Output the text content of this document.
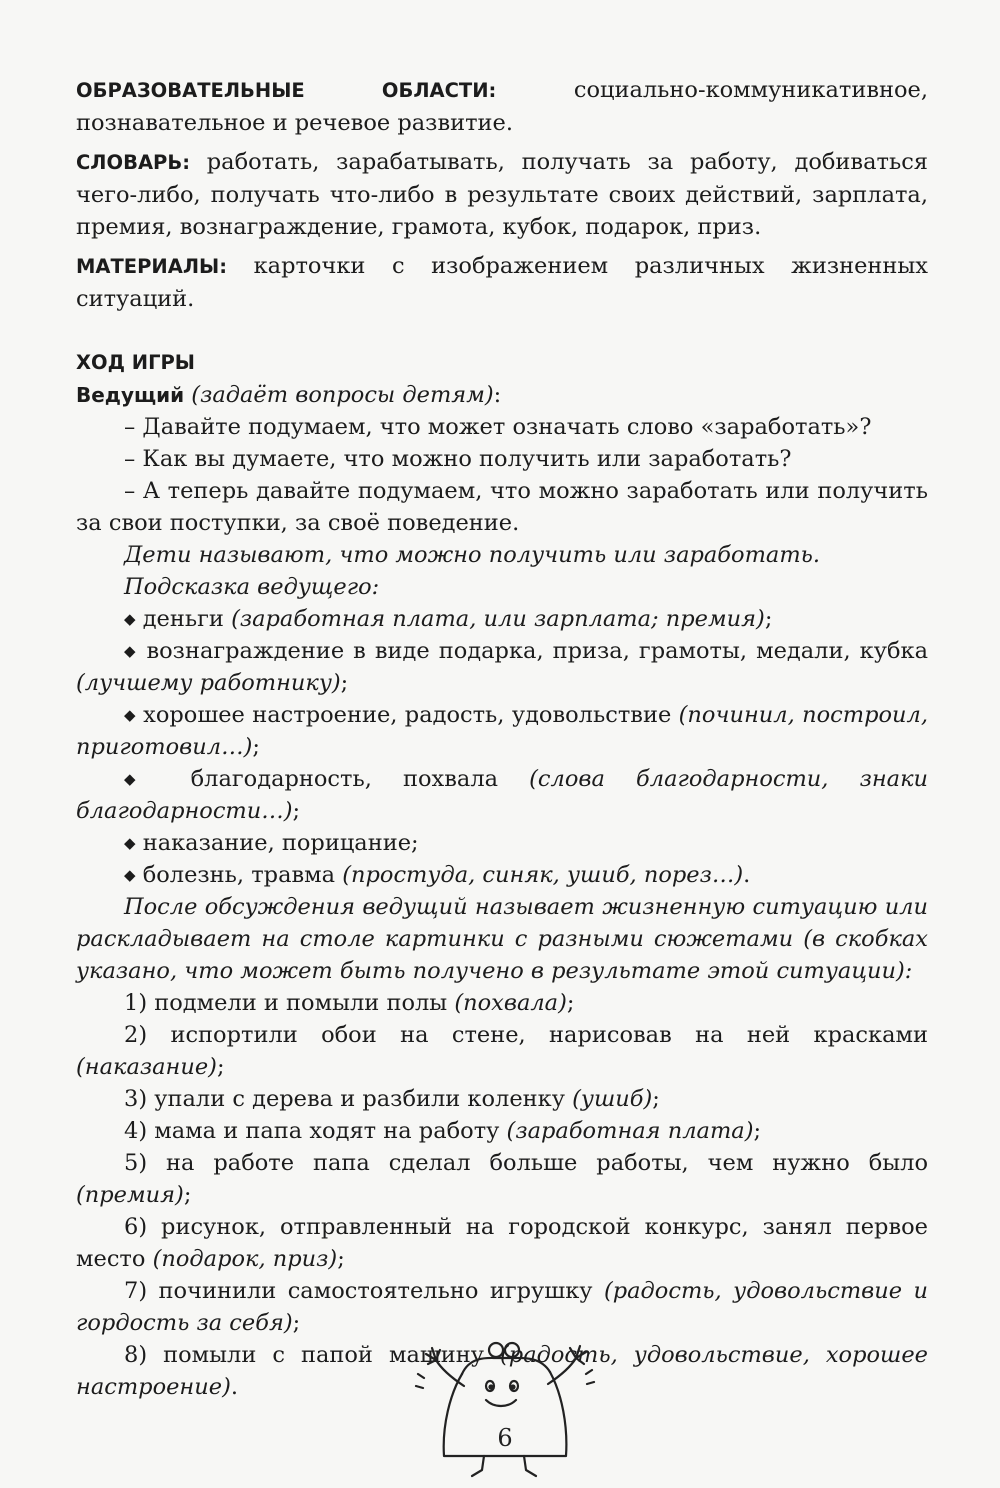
ОБРАЗОВАТЕЛЬНЫЕ ОБЛАСТИ: социально-коммуникативное, познавательное и речевое развитие.

СЛОВАРЬ: работать, зарабатывать, получать за работу, добиваться чего-либо, получать что-либо в результате своих действий, зарплата, премия, вознаграждение, грамота, кубок, подарок, приз.

МАТЕРИАЛЫ: карточки с изображением различных жизненных ситуаций.

ХОД ИГРЫ

Ведущий (задаёт вопросы детям):

– Давайте подумаем, что может означать слово «заработать»?

– Как вы думаете, что можно получить или заработать?

– А теперь давайте подумаем, что можно заработать или получить за свои поступки, за своё поведение.

Дети называют, что можно получить или заработать.

Подсказка ведущего:

◆ деньги (заработная плата, или зарплата; премия);

◆ вознаграждение в виде подарка, приза, грамоты, медали, кубка (лучшему работнику);

◆ хорошее настроение, радость, удовольствие (починил, построил, приготовил…);

◆ благодарность, похвала (слова благодарности, знаки благодарности…);

◆ наказание, порицание;

◆ болезнь, травма (простуда, синяк, ушиб, порез…).

После обсуждения ведущий называет жизненную ситуацию или раскладывает на столе картинки с разными сюжетами (в скобках указано, что может быть получено в результате этой ситуации):

1) подмели и помыли полы (похвала);

2) испортили обои на стене, нарисовав на ней красками (наказание);

3) упали с дерева и разбили коленку (ушиб);

4) мама и папа ходят на работу (заработная плата);

5) на работе папа сделал больше работы, чем нужно было (премия);

6) рисунок, отправленный на городской конкурс, занял первое место (подарок, приз);

7) починили самостоятельно игрушку (радость, удовольствие и гордость за себя);

8) помыли с папой машину (радость, удовольствие, хорошее настроение).

6
